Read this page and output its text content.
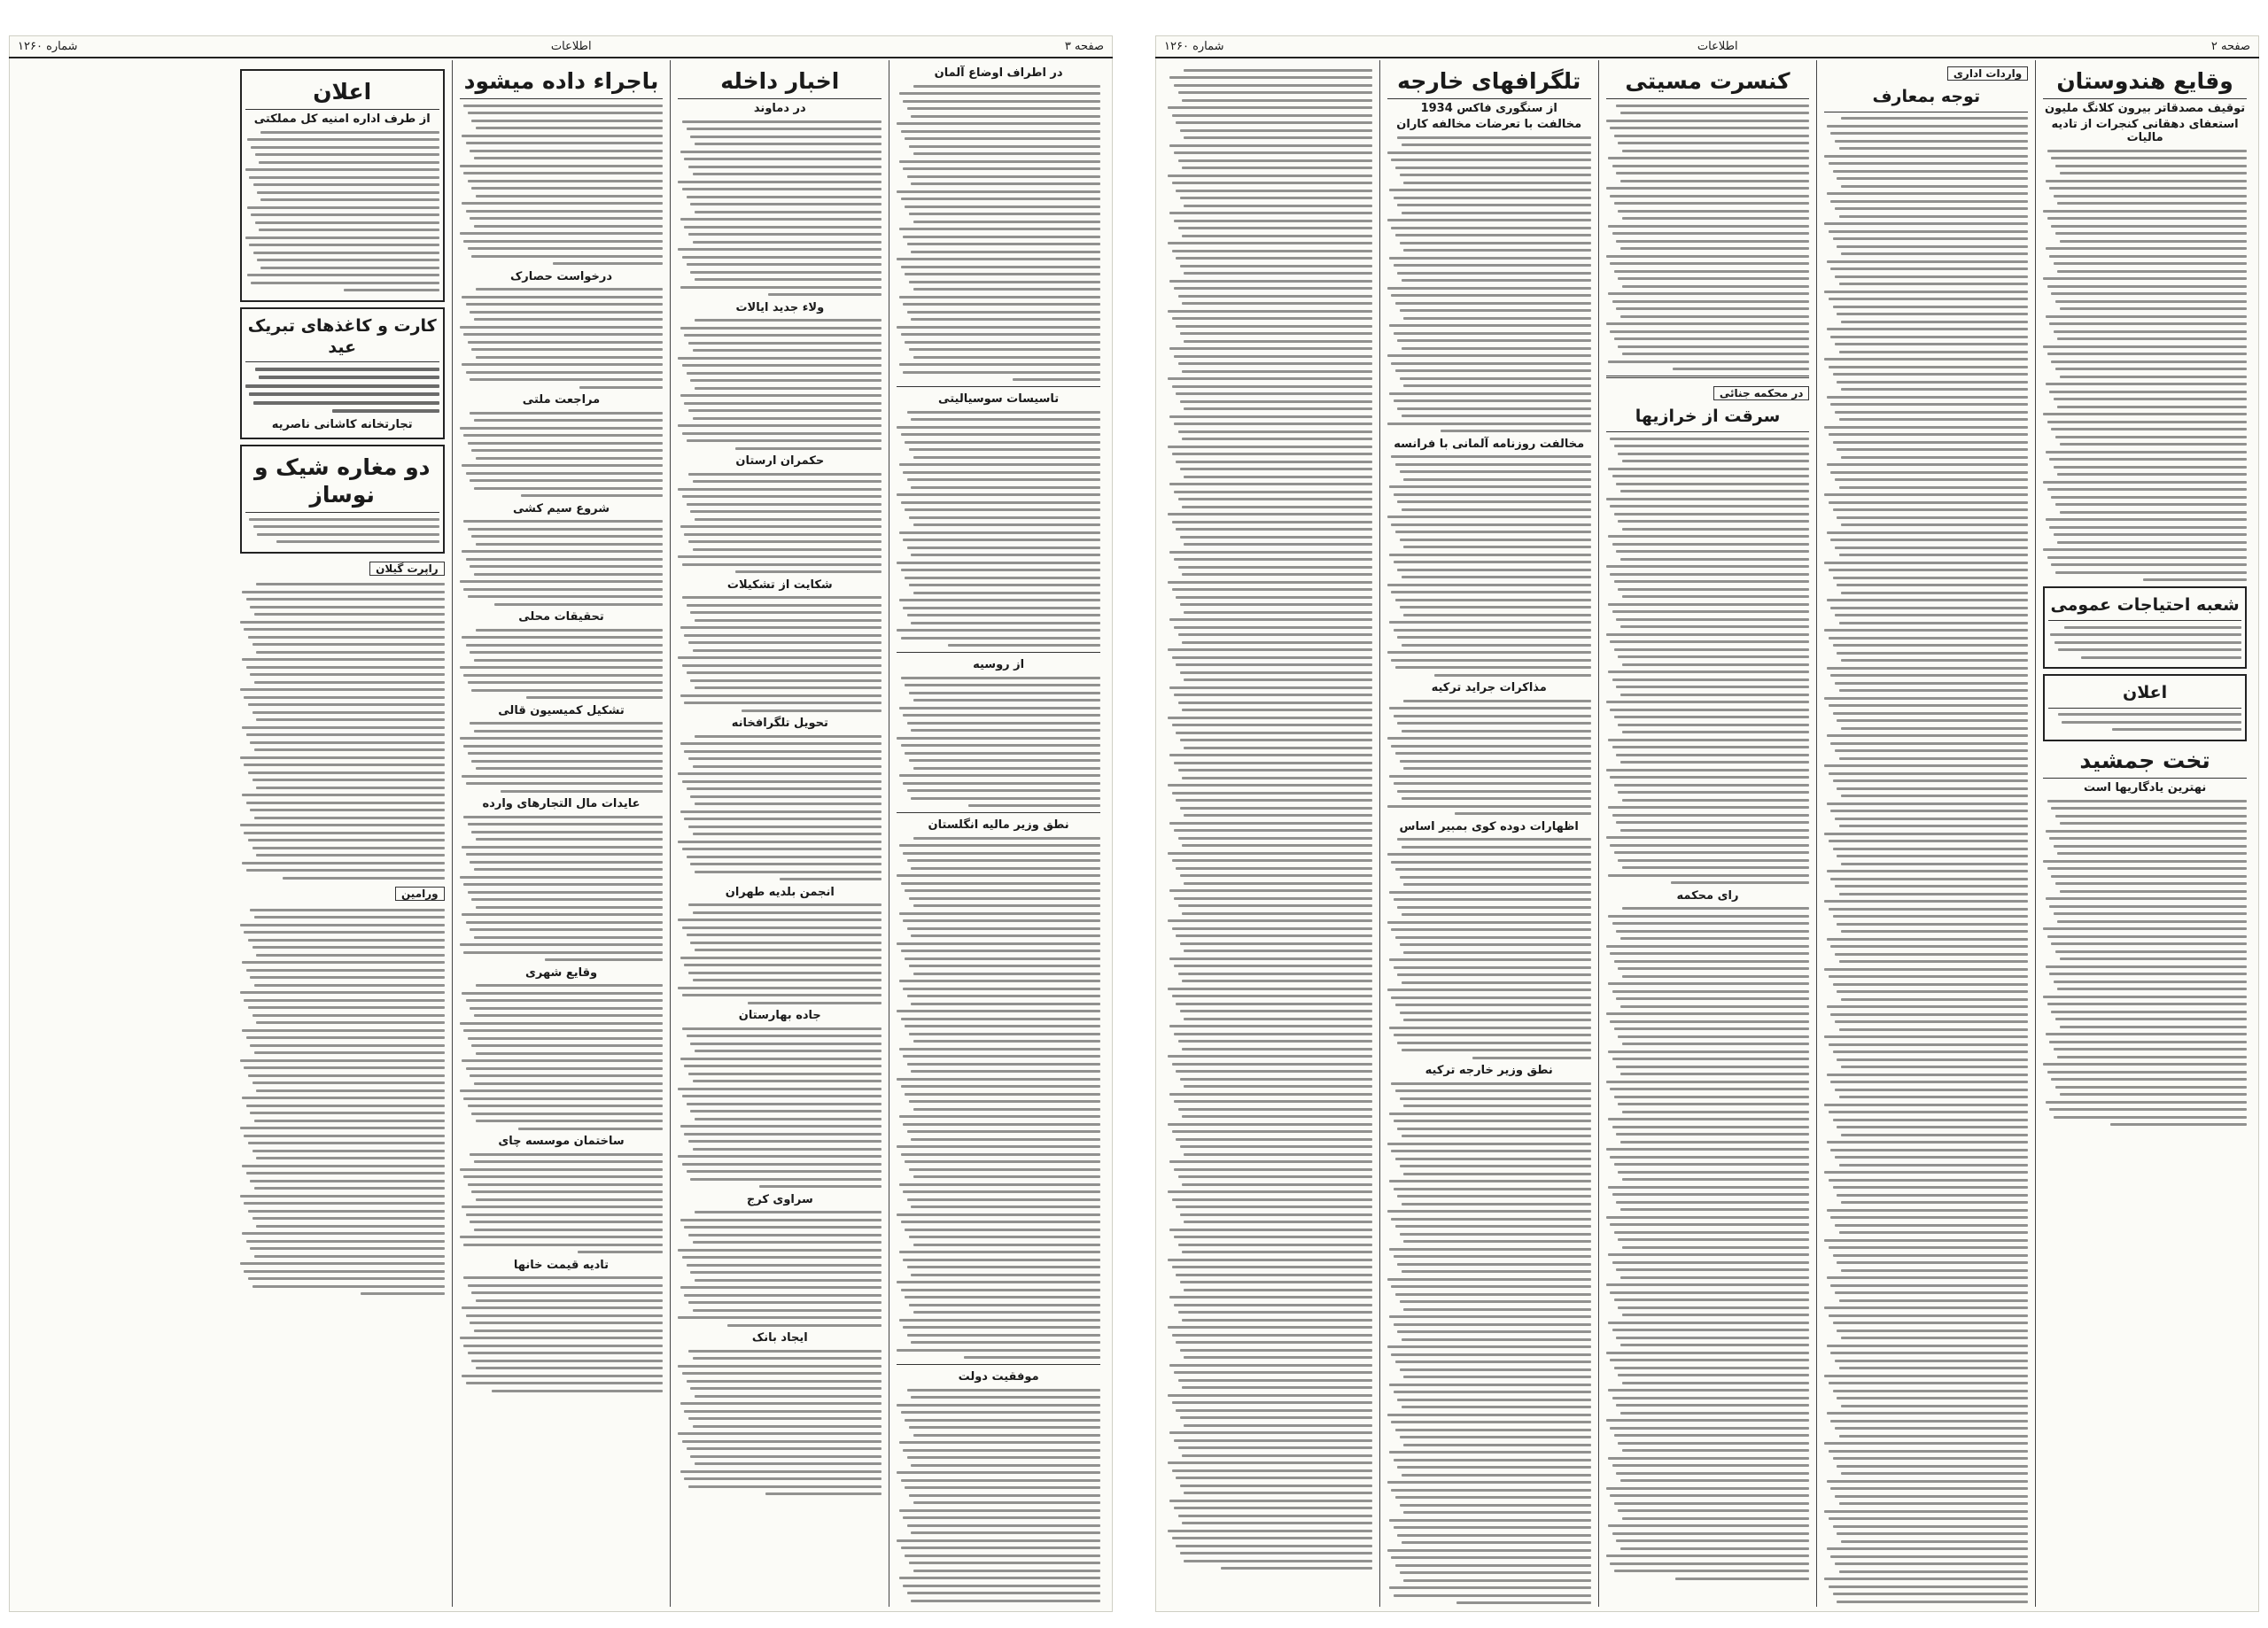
صفحه ۳
اطلاعات
شماره ۱۲۶۰
در اطراف اوضاع آلمان
تاسیسات سوسیالیتی
از روسیه
نطق وزیر مالیه انگلستان
موفقیت دولت
اخبار داخله
در دماوند
ولاء جدید ایالات
حکمران ارستان
شکایت از تشکیلات
تحویل تلگرافخانه
انجمن بلدیه طهران
جاده بهارستان
سراوی کرج
ایجاد بانک
باجراء داده میشود
درخواست حصارک
مراجعت ملتی
شروع سیم کشی
تحقیقات محلی
تشکیل کمیسیون قالی
عایدات مال التجارهای وارده
وقایع شهری
ساختمان موسسه چای
تادیه قیمت خانها
اعلان
از طرف اداره امنیه کل مملکتی
کارت و کاغذهای تبریک عید
تجارتخانه کاشانی ناصریه
دو مغاره شیک و نوساز
راپرت گیلان
ورامین
صفحه ۲
اطلاعات
شماره ۱۲۶۰
وقایع هندوستان
توقیف مصدقاتر بیرون کلانگ ملیون
استعفای دهقانی کنجرات از تادیه مالیات
شعبه احتیاجات عمومی
اعلان
تخت جمشید
نهترین یادگاریها است
واردات اداری
توجه بمعارف
کنسرت مسیتی
در محکمه جنائی
سرقت از خرازیها
رای محکمه
تلگرافهای خارجه
از سنگوری فاکس 1934
مخالفت با تعرضات مخالفه کاران
مخالفت روزنامه آلمانی با فرانسه
مذاکرات جراید ترکیه
اظهارات دوده کوی بمبیر اساس
نطق وزیر خارجه ترکیه
